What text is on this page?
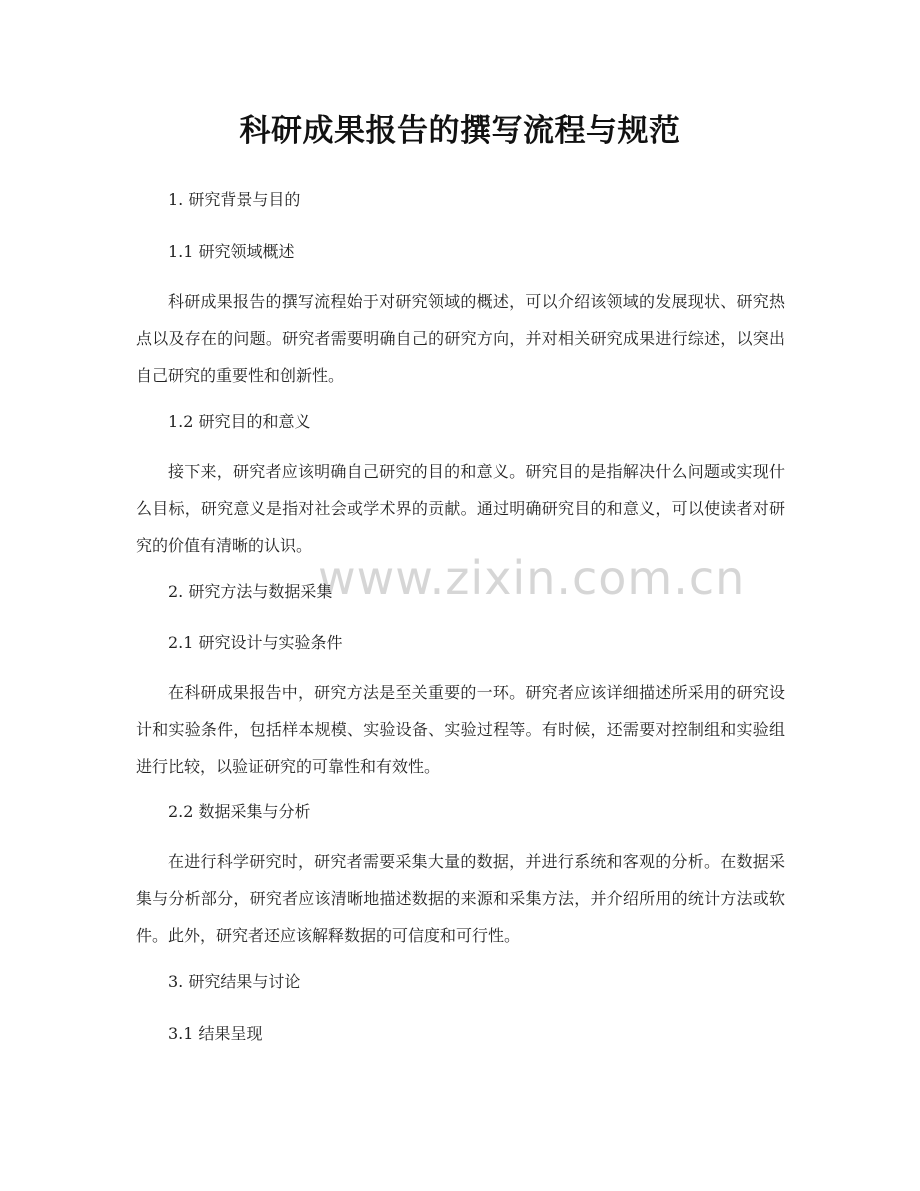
科研成果报告的撰写流程与规范
1. 研究背景与目的
1.1 研究领域概述
科研成果报告的撰写流程始于对研究领域的概述，可以介绍该领域的发展现状、研究热点以及存在的问题。研究者需要明确自己的研究方向，并对相关研究成果进行综述，以突出自己研究的重要性和创新性。
1.2 研究目的和意义
接下来，研究者应该明确自己研究的目的和意义。研究目的是指解决什么问题或实现什么目标，研究意义是指对社会或学术界的贡献。通过明确研究目的和意义，可以使读者对研究的价值有清晰的认识。
www.zixin.com.cn
2. 研究方法与数据采集
2.1 研究设计与实验条件
在科研成果报告中，研究方法是至关重要的一环。研究者应该详细描述所采用的研究设计和实验条件，包括样本规模、实验设备、实验过程等。有时候，还需要对控制组和实验组进行比较，以验证研究的可靠性和有效性。
2.2 数据采集与分析
在进行科学研究时，研究者需要采集大量的数据，并进行系统和客观的分析。在数据采集与分析部分，研究者应该清晰地描述数据的来源和采集方法，并介绍所用的统计方法或软件。此外，研究者还应该解释数据的可信度和可行性。
3. 研究结果与讨论
3.1 结果呈现
